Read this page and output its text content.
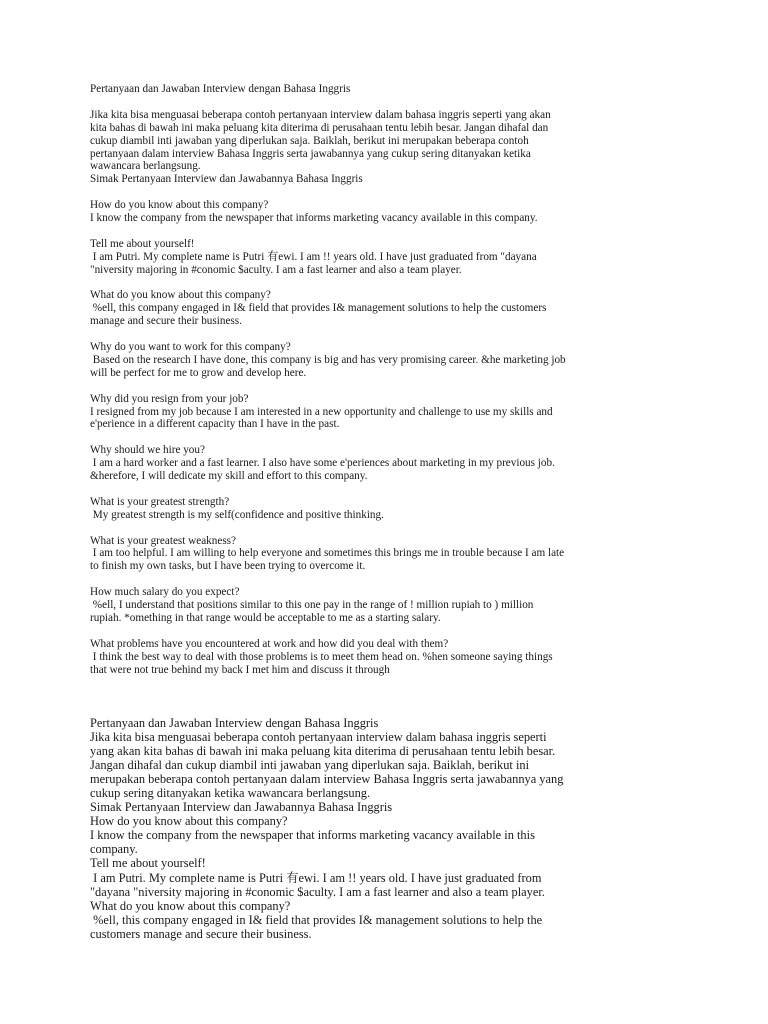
Pertanyaan dan Jawaban Interview dengan Bahasa Inggris

Jika kita bisa menguasai beberapa contoh pertanyaan interview dalam bahasa inggris seperti yang akan
kita bahas di bawah ini maka peluang kita diterima di perusahaan tentu lebih besar. Jangan dihafal dan
cukup diambil inti jawaban yang diperlukan saja. Baiklah, berikut ini merupakan beberapa contoh
pertanyaan dalam interview Bahasa Inggris serta jawabannya yang cukup sering ditanyakan ketika
wawancara berlangsung.

Simak Pertanyaan Interview dan Jawabannya Bahasa Inggris

How do you know about this company?

I know the company from the newspaper that informs marketing vacancy available in this company.

Tell me about yourself!

I am Putri. My complete name is Putri 有ewi. I am !! years old. I have just graduated from "dayana
"niversity majoring in #conomic $aculty. I am a fast learner and also a team player.

What do you know about this company?

%ell, this company engaged in I& field that provides I& management solutions to help the customers
manage and secure their business.

Why do you want to work for this company?

Based on the research I have done, this company is big and has very promising career. &he marketing job
will be perfect for me to grow and develop here.

Why did you resign from your job?

I resigned from my job because I am interested in a new opportunity and challenge to use my skills and
e'perience in a different capacity than I have in the past.

Why should we hire you?

I am a hard worker and a fast learner. I also have some e'periences about marketing in my previous job.
&herefore, I will dedicate my skill and effort to this company.

What is your greatest strength?

My greatest strength is my self(confidence and positive thinking.

What is your greatest weakness?

I am too helpful. I am willing to help everyone and sometimes this brings me in trouble because I am late
to finish my own tasks, but I have been trying to overcome it.

How much salary do you expect?

%ell, I understand that positions similar to this one pay in the range of ! million rupiah to ) million
rupiah. *omething in that range would be acceptable to me as a starting salary.

What problems have you encountered at work and how did you deal with them?

I think the best way to deal with those problems is to meet them head on. %hen someone saying things
that were not true behind my back I met him and discuss it through

Pertanyaan dan Jawaban Interview dengan Bahasa Inggris

Jika kita bisa menguasai beberapa contoh pertanyaan interview dalam bahasa inggris seperti
yang akan kita bahas di bawah ini maka peluang kita diterima di perusahaan tentu lebih besar.
Jangan dihafal dan cukup diambil inti jawaban yang diperlukan saja. Baiklah, berikut ini
merupakan beberapa contoh pertanyaan dalam interview Bahasa Inggris serta jawabannya yang
cukup sering ditanyakan ketika wawancara berlangsung.

Simak Pertanyaan Interview dan Jawabannya Bahasa Inggris

How do you know about this company?

I know the company from the newspaper that informs marketing vacancy available in this
company.

Tell me about yourself!

I am Putri. My complete name is Putri 有ewi. I am !! years old. I have just graduated from
"dayana "niversity majoring in #conomic $aculty. I am a fast learner and also a team player.

What do you know about this company?

%ell, this company engaged in I& field that provides I& management solutions to help the
customers manage and secure their business.
